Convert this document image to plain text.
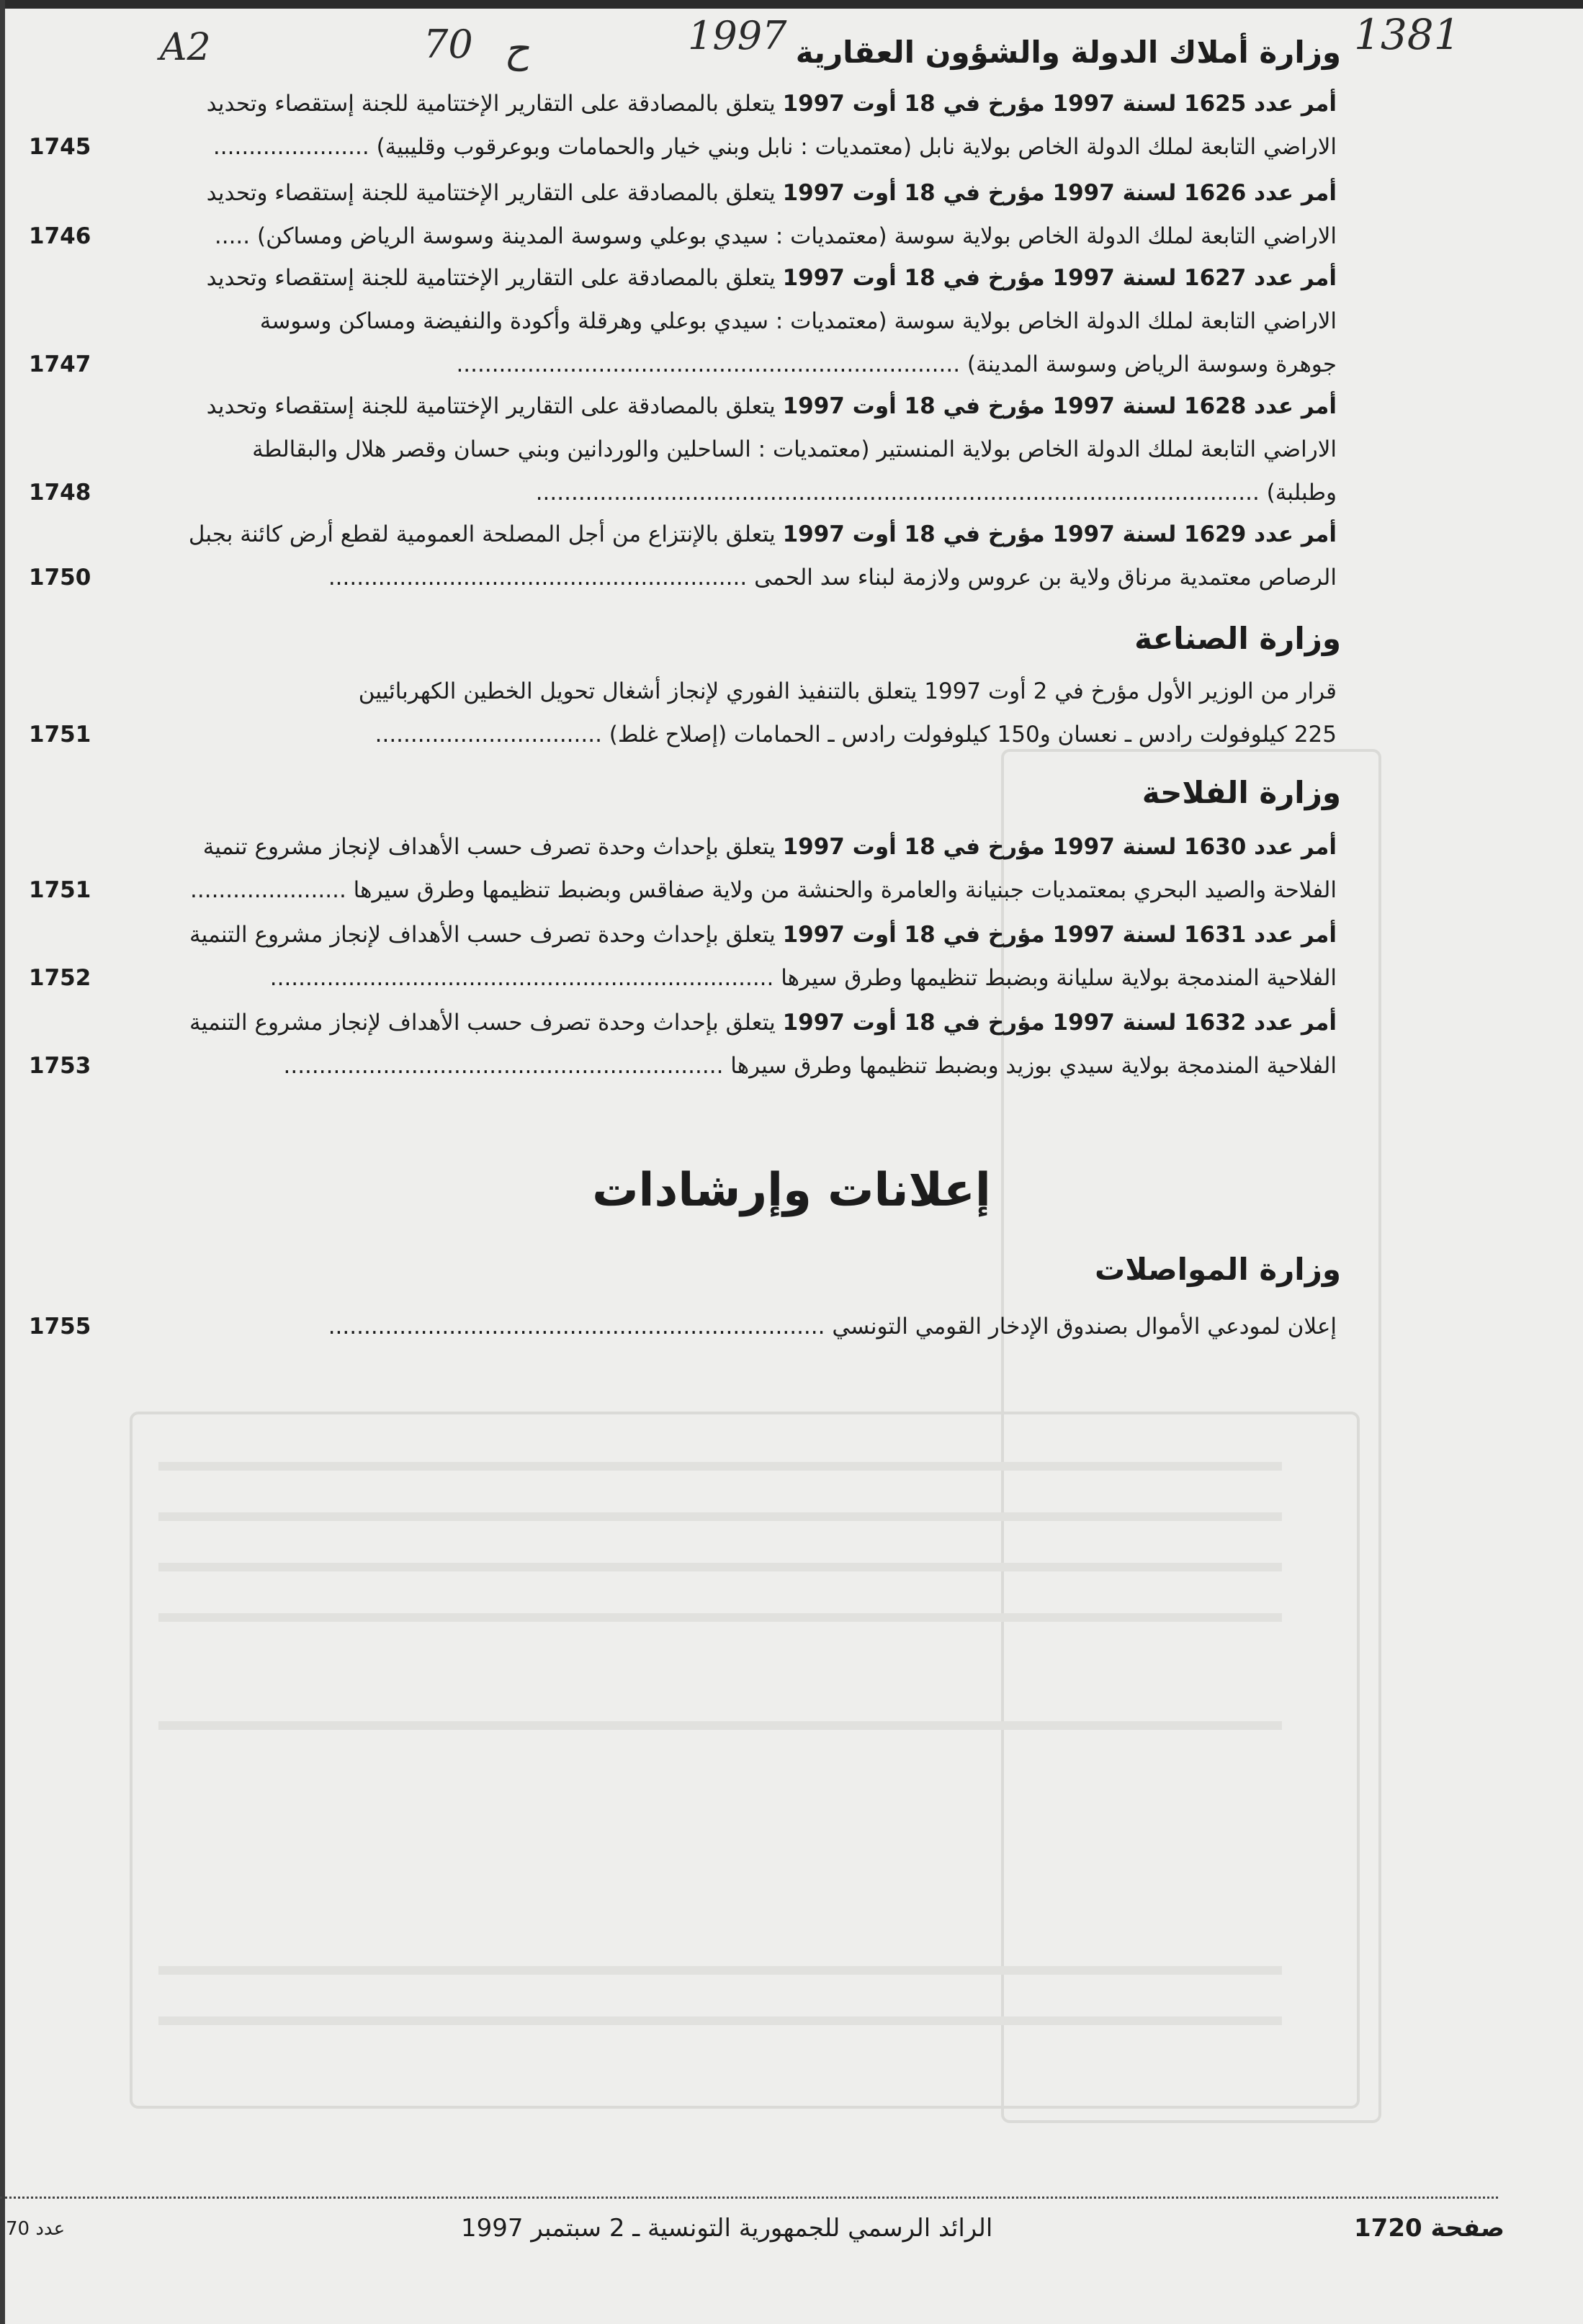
A2	70 ح	1997	1381
وزارة أملاك الدولة والشؤون العقارية
أمر عدد 1625 لسنة 1997 مؤرخ في 18 أوت 1997 يتعلق بالمصادقة على التقارير الإختتامية للجنة إستقصاء وتحديد
الاراضي التابعة لملك الدولة الخاص بولاية نابل (معتمديات : نابل وبني خيار والحمامات وبوعرقوب وقليبية) ......................
1745
أمر عدد 1626 لسنة 1997 مؤرخ في 18 أوت 1997 يتعلق بالمصادقة على التقارير الإختتامية للجنة إستقصاء وتحديد
الاراضي التابعة لملك الدولة الخاص بولاية سوسة (معتمديات : سيدي بوعلي وسوسة المدينة وسوسة الرياض ومساكن) .....
1746
أمر عدد 1627 لسنة 1997 مؤرخ في 18 أوت 1997 يتعلق بالمصادقة على التقارير الإختتامية للجنة إستقصاء وتحديد
الاراضي التابعة لملك الدولة الخاص بولاية سوسة (معتمديات : سيدي بوعلي وهرقلة وأكودة والنفيضة ومساكن وسوسة
جوهرة وسوسة الرياض وسوسة المدينة) .......................................................................
1747
أمر عدد 1628 لسنة 1997 مؤرخ في 18 أوت 1997 يتعلق بالمصادقة على التقارير الإختتامية للجنة إستقصاء وتحديد
الاراضي التابعة لملك الدولة الخاص بولاية المنستير (معتمديات : الساحلين والوردانين وبني حسان وقصر هلال والبقالطة
وطبلبة) ......................................................................................................
1748
أمر عدد 1629 لسنة 1997 مؤرخ في 18 أوت 1997 يتعلق بالإنتزاع من أجل المصلحة العمومية لقطع أرض كائنة بجبل
الرصاص معتمدية مرناق ولاية بن عروس ولازمة لبناء سد الحمى ...........................................................
1750
وزارة الصناعة
قرار من الوزير الأول مؤرخ في 2 أوت 1997 يتعلق بالتنفيذ الفوري لإنجاز أشغال تحويل الخطين الكهربائيين
225 كيلوفولت رادس ـ نعسان و150 كيلوفولت رادس ـ الحمامات (إصلاح غلط) ................................
1751
وزارة الفلاحة
أمر عدد 1630 لسنة 1997 مؤرخ في 18 أوت 1997 يتعلق بإحداث وحدة تصرف حسب الأهداف لإنجاز مشروع تنمية
الفلاحة والصيد البحري بمعتمديات جبنيانة والعامرة والحنشة من ولاية صفاقس وبضبط تنظيمها وطرق سيرها ......................
1751
أمر عدد 1631 لسنة 1997 مؤرخ في 18 أوت 1997 يتعلق بإحداث وحدة تصرف حسب الأهداف لإنجاز مشروع التنمية
الفلاحية المندمجة بولاية سليانة وبضبط تنظيمها وطرق سيرها .......................................................................
1752
أمر عدد 1632 لسنة 1997 مؤرخ في 18 أوت 1997 يتعلق بإحداث وحدة تصرف حسب الأهداف لإنجاز مشروع التنمية
الفلاحية المندمجة بولاية سيدي بوزيد وبضبط تنظيمها وطرق سيرها ..............................................................
1753
إعلانات وإرشادات
وزارة المواصلات
إعلان لمودعي الأموال بصندوق الإدخار القومي التونسي ......................................................................
1755
صفحة 1720
الرائد الرسمي للجمهورية التونسية ـ 2 سبتمبر 1997
عدد 70
